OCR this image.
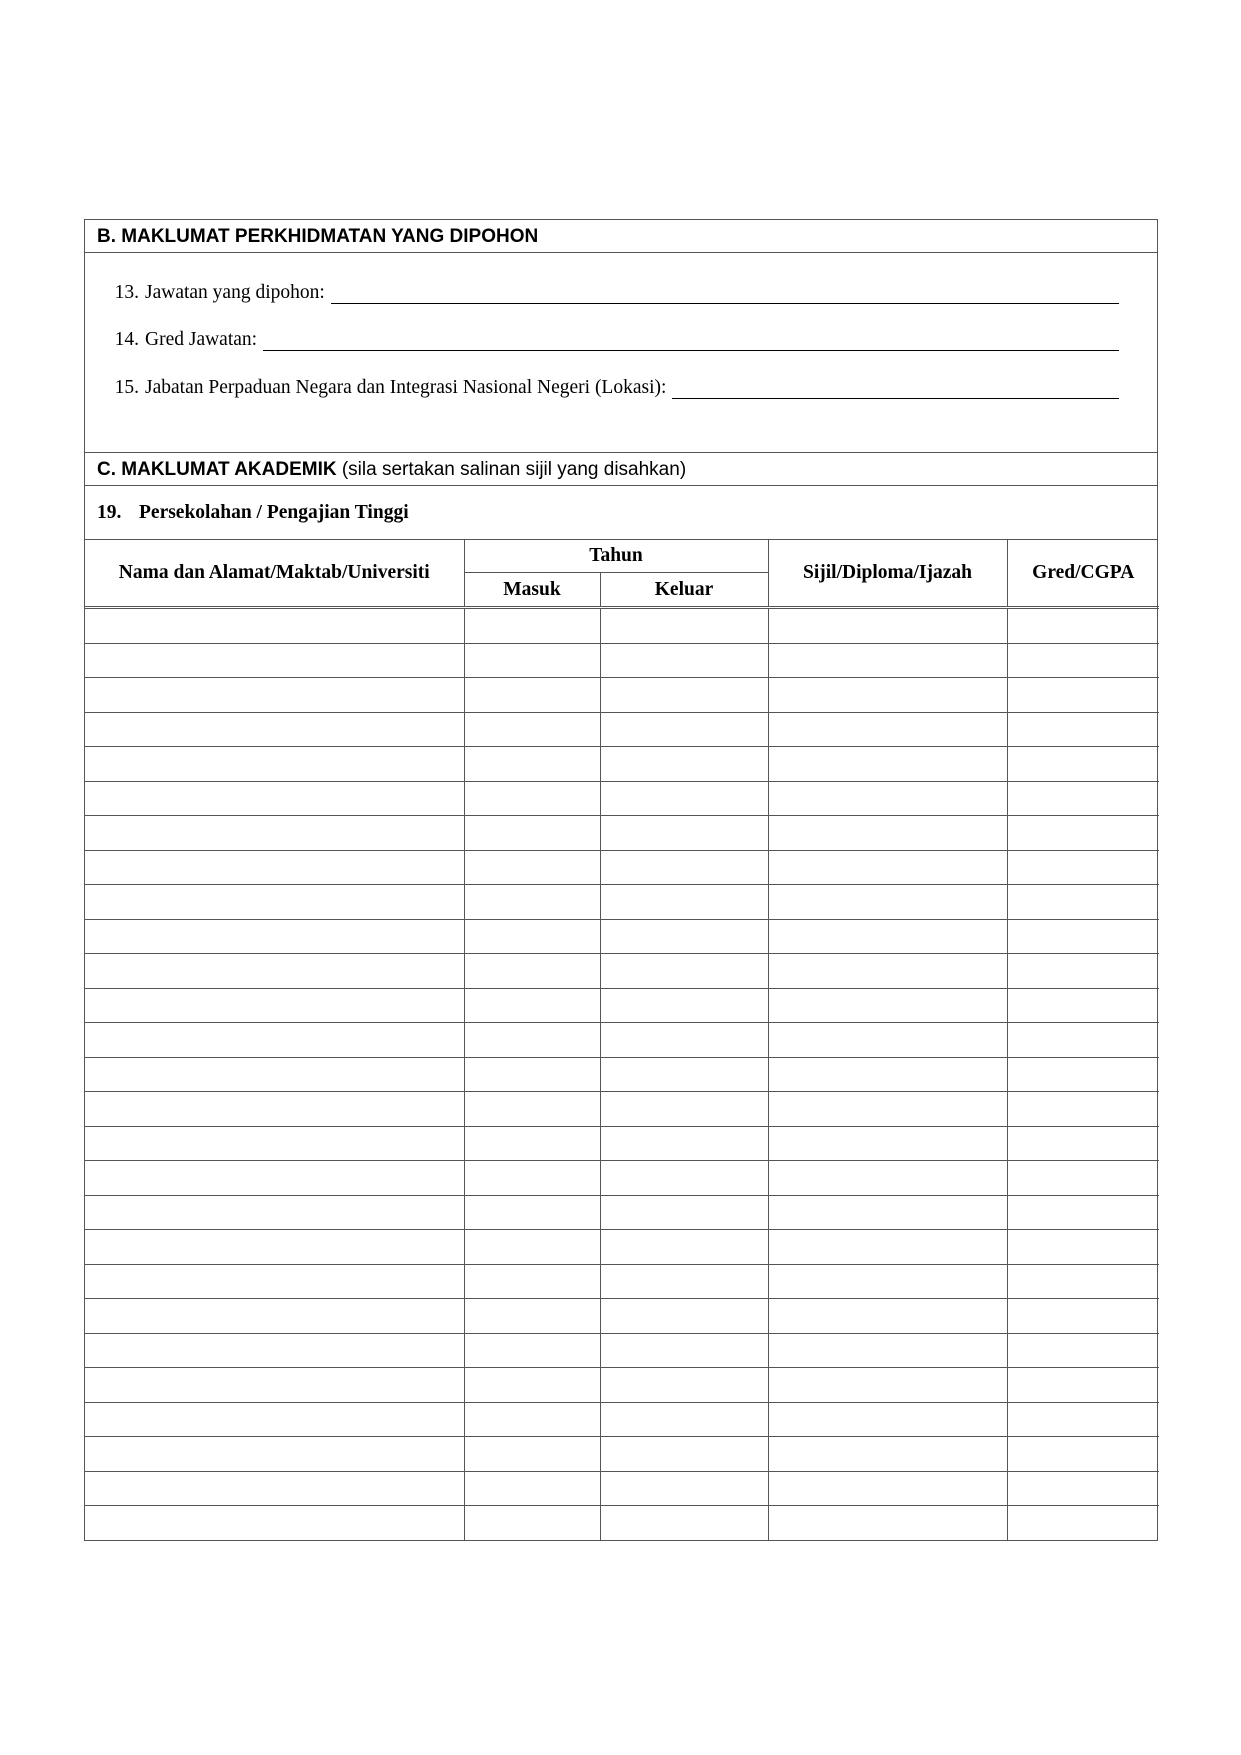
B. MAKLUMAT PERKHIDMATAN YANG DIPOHON
13. Jawatan yang dipohon:
14. Gred Jawatan:
15. Jabatan Perpaduan Negara dan Integrasi Nasional Negeri (Lokasi):
C. MAKLUMAT AKADEMIK (sila sertakan salinan sijil yang disahkan)
19. Persekolahan / Pengajian Tinggi
Nama dan Alamat/Maktab/Universiti	Tahun		Sijil/Diploma/Ijazah	Gred/CGPA
	Masuk	Keluar		
